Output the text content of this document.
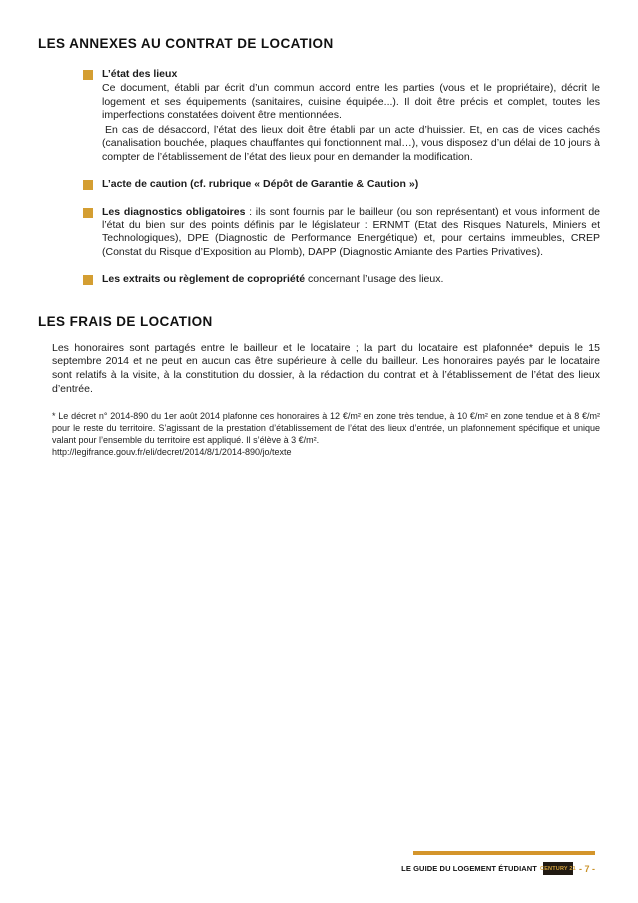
LES ANNEXES AU CONTRAT DE LOCATION

L’état des lieux

Ce document, établi par écrit d’un commun accord entre les parties (vous et le propriétaire), décrit le logement et ses équipements (sanitaires, cuisine équipée...). Il doit être précis et complet, toutes les imperfections constatées doivent être mentionnées.

En cas de désaccord, l’état des lieux doit être établi par un acte d’huissier. Et, en cas de vices cachés (canalisation bouchée, plaques chauffantes qui fonctionnent mal…), vous disposez d’un délai de 10 jours à compter de l’établissement de l’état des lieux pour en demander la modification.

L’acte de caution (cf. rubrique « Dépôt de Garantie & Caution »)

Les diagnostics obligatoires : ils sont fournis par le bailleur (ou son représentant) et vous informent de l’état du bien sur des points définis par le législateur : ERNMT (Etat des Risques Naturels, Miniers et Technologiques), DPE (Diagnostic de Performance Energétique) et, pour certains immeubles, CREP (Constat du Risque d’Exposition au Plomb), DAPP (Diagnostic Amiante des Parties Privatives).

Les extraits ou règlement de copropriété concernant l’usage des lieux.

LES FRAIS DE LOCATION

Les honoraires sont partagés entre le bailleur et le locataire ; la part du locataire est plafonnée* depuis le 15 septembre 2014 et ne peut en aucun cas être supérieure à celle du bailleur. Les honoraires payés par le locataire sont relatifs à la visite, à la constitution du dossier, à la rédaction du contrat et à l’établissement de l’état des lieux d’entrée.

* Le décret n° 2014-890 du 1er août 2014 plafonne ces honoraires à 12 €/m² en zone très tendue, à 10 €/m² en zone tendue et à 8 €/m² pour le reste du territoire. S’agissant de la prestation d’établissement de l’état des lieux d’entrée, un plafonnement spécifique et unique valant pour l’ensemble du territoire est appliqué. Il s’élève à 3 €/m².
http://legifrance.gouv.fr/eli/decret/2014/8/1/2014-890/jo/texte
LE GUIDE DU LOGEMENT ÉTUDIANT CENTURY 21 - 7 -
